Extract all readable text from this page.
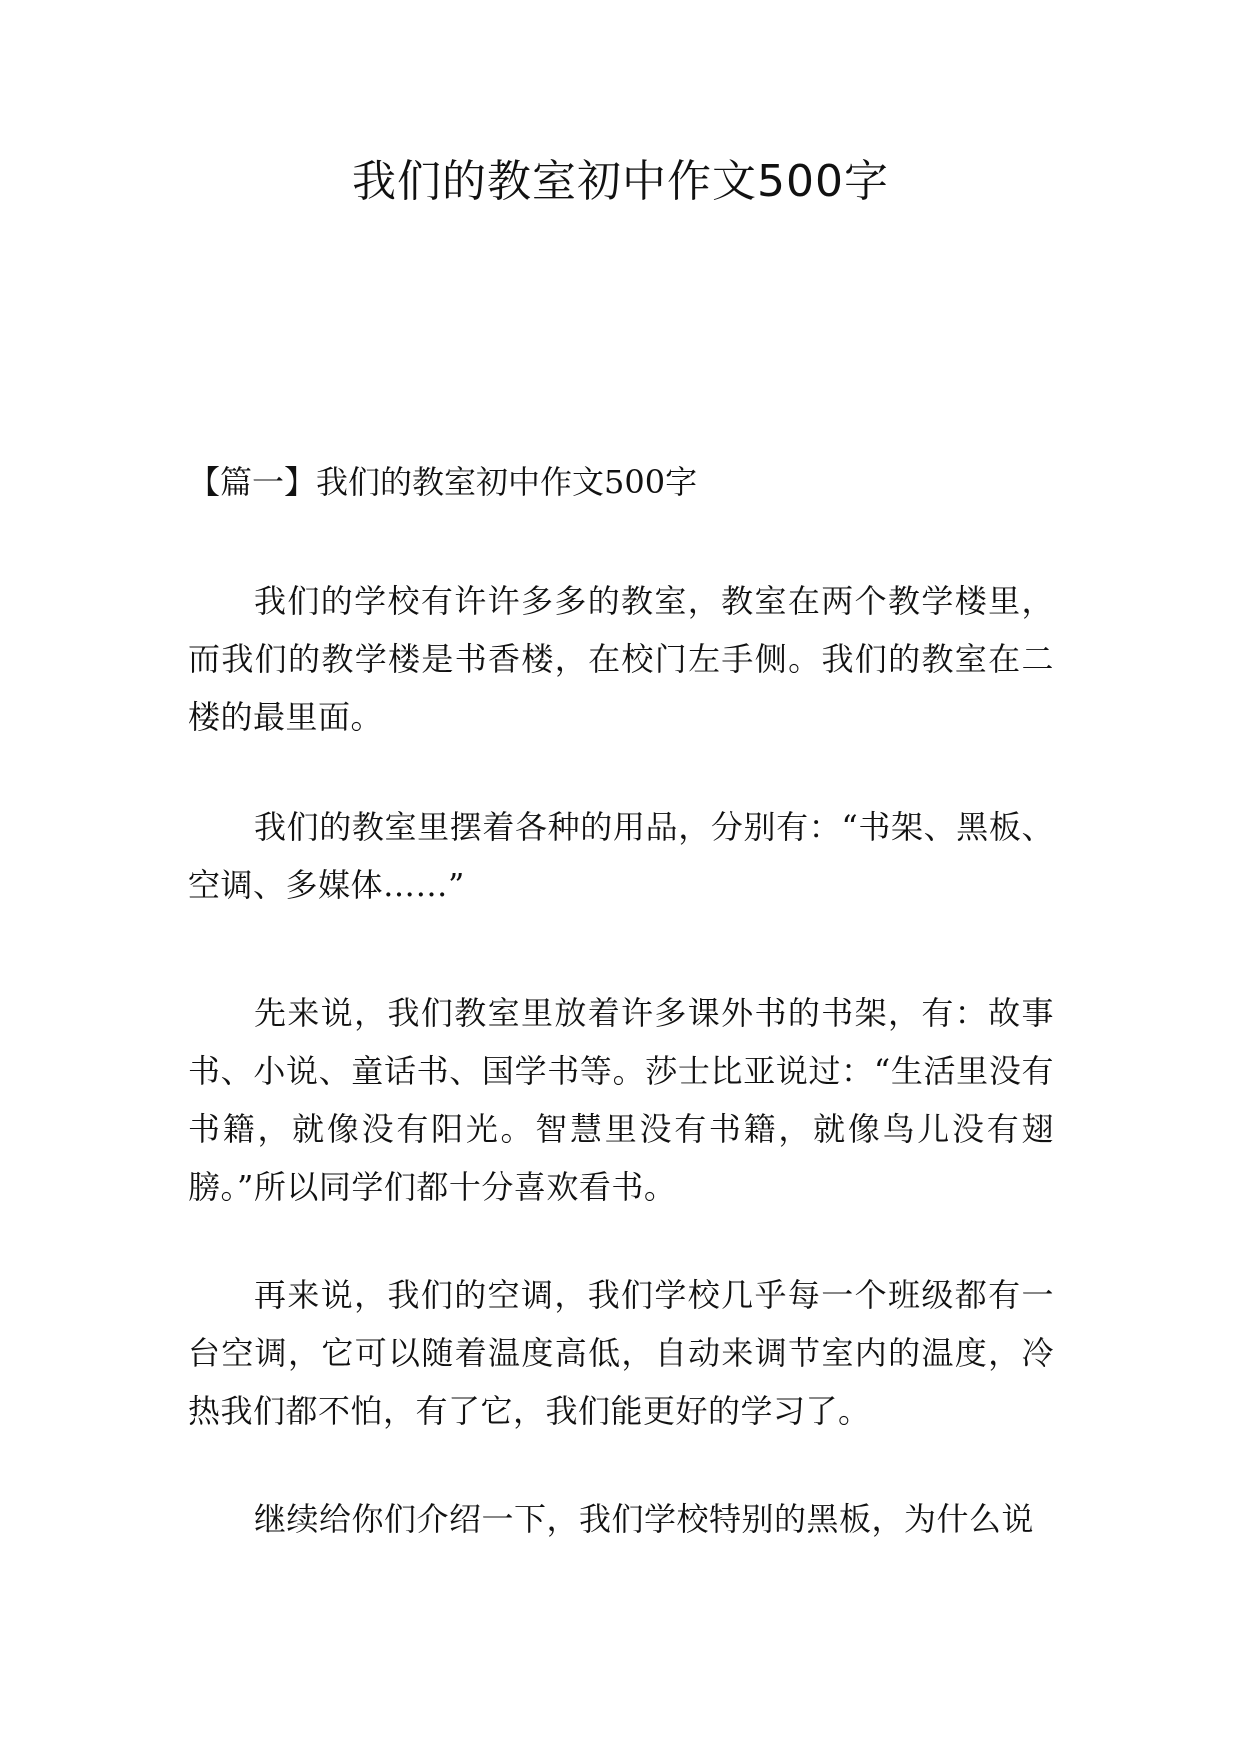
我们的教室初中作文500字

【篇一】我们的教室初中作文500字

我们的学校有许许多多的教室，教室在两个教学楼里，而我们的教学楼是书香楼，在校门左手侧。我们的教室在二楼的最里面。

我们的教室里摆着各种的用品，分别有：“书架、黑板、空调、多媒体……”

先来说，我们教室里放着许多课外书的书架，有：故事书、小说、童话书、国学书等。莎士比亚说过：“生活里没有书籍，就像没有阳光。智慧里没有书籍，就像鸟儿没有翅膀。”所以同学们都十分喜欢看书。

再来说，我们的空调，我们学校几乎每一个班级都有一台空调，它可以随着温度高低，自动来调节室内的温度，冷热我们都不怕，有了它，我们能更好的学习了。

继续给你们介绍一下，我们学校特别的黑板，为什么说
